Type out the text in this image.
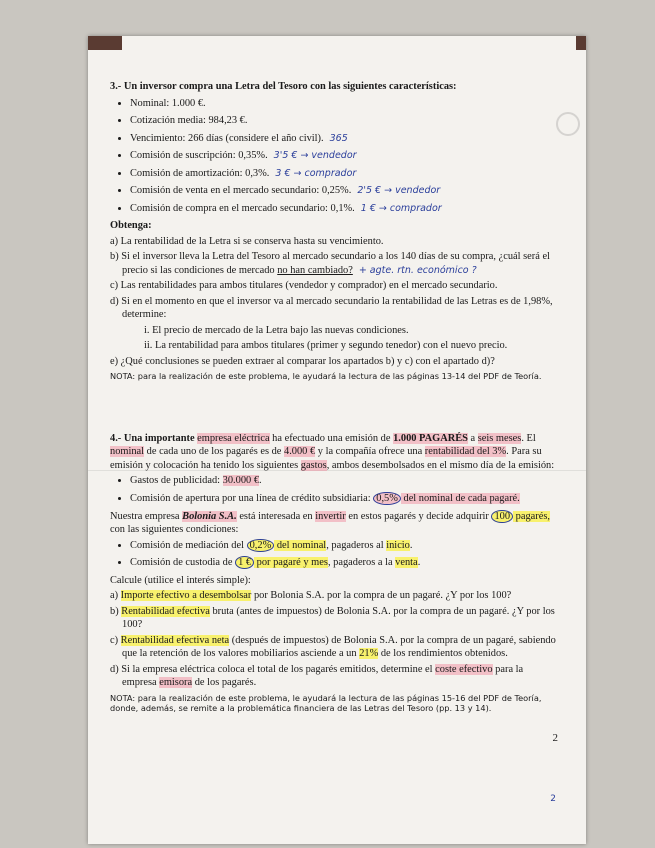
3.- Un inversor compra una Letra del Tesoro con las siguientes características:
• Nominal: 1.000 €.
• Cotización media: 984,23 €.
• Vencimiento: 266 días (considere el año civil). 365
• Comisión de suscripción: 0,35%. 3'5 € → vendedor
• Comisión de amortización: 0,3%. 3 € → comprador
• Comisión de venta en el mercado secundario: 0,25%. 2'5 € → vendedor
• Comisión de compra en el mercado secundario: 0,1%. 1 € → comprador
Obtenga:
a) La rentabilidad de la Letra si se conserva hasta su vencimiento.
b) Si el inversor lleva la Letra del Tesoro al mercado secundario a los 140 días de su compra, ¿cuál será el precio si las condiciones de mercado no han cambiado? + agte. rtn. económico ?
c) Las rentabilidades para ambos titulares (vendedor y comprador) en el mercado secundario.
d) Si en el momento en que el inversor va al mercado secundario la rentabilidad de las Letras es de 1,98%, determine:
i. El precio de mercado de la Letra bajo las nuevas condiciones.
ii. La rentabilidad para ambos titulares (primer y segundo tenedor) con el nuevo precio.
e) ¿Qué conclusiones se pueden extraer al comparar los apartados b) y c) con el apartado d)?
NOTA: para la realización de este problema, le ayudará la lectura de las páginas 13-14 del PDF de Teoría.
4.- Una importante empresa eléctrica ha efectuado una emisión de 1.000 PAGARÉS a seis meses. El nominal de cada uno de los pagarés es de 4.000 € y la compañía ofrece una rentabilidad del 3%. Para su emisión y colocación ha tenido los siguientes gastos, ambos desembolsados en el mismo día de la emisión:
• Gastos de publicidad: 30.000 €.
• Comisión de apertura por una línea de crédito subsidiaria: 0,5% del nominal de cada pagaré.
Nuestra empresa Bolonia S.A. está interesada en invertir en estos pagarés y decide adquirir 100 pagarés, con las siguientes condiciones:
• Comisión de mediación del 0,2% del nominal, pagaderos al inicio.
• Comisión de custodia de 1 € por pagaré y mes, pagaderos a la venta.
Calcule (utilice el interés simple):
a) Importe efectivo a desembolsar por Bolonia S.A. por la compra de un pagaré. ¿Y por los 100?
b) Rentabilidad efectiva bruta (antes de impuestos) de Bolonia S.A. por la compra de un pagaré. ¿Y por los 100?
c) Rentabilidad efectiva neta (después de impuestos) de Bolonia S.A. por la compra de un pagaré, sabiendo que la retención de los valores mobiliarios asciende a un 21% de los rendimientos obtenidos.
d) Si la empresa eléctrica coloca el total de los pagarés emitidos, determine el coste efectivo para la empresa emisora de los pagarés.
NOTA: para la realización de este problema, le ayudará la lectura de las páginas 15-16 del PDF de Teoría, donde, además, se remite a la problemática financiera de las Letras del Tesoro (pp. 13 y 14).
2
2
